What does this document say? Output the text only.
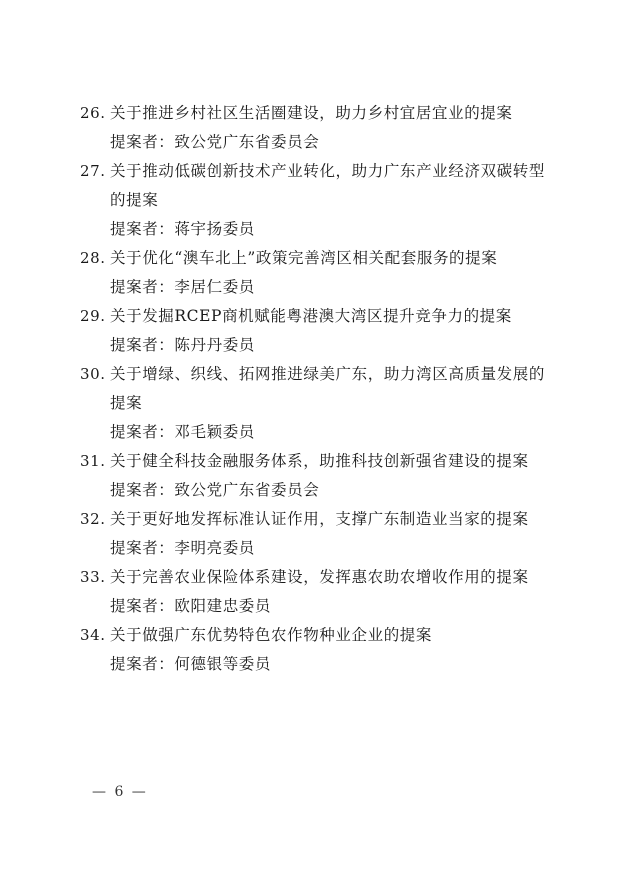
26. 关于推进乡村社区生活圈建设，助力乡村宜居宜业的提案
提案者：致公党广东省委员会
27. 关于推动低碳创新技术产业转化，助力广东产业经济双碳转型的提案
提案者：蒋宇扬委员
28. 关于优化“澳车北上”政策完善湾区相关配套服务的提案
提案者：李居仁委员
29. 关于发掘RCEP商机赋能粤港澳大湾区提升竞争力的提案
提案者：陈丹丹委员
30. 关于增绿、织线、拓网推进绿美广东，助力湾区高质量发展的提案
提案者：邓毛颖委员
31. 关于健全科技金融服务体系，助推科技创新强省建设的提案
提案者：致公党广东省委员会
32. 关于更好地发挥标准认证作用，支撑广东制造业当家的提案
提案者：李明亮委员
33. 关于完善农业保险体系建设，发挥惠农助农增收作用的提案
提案者：欧阳建忠委员
34. 关于做强广东优势特色农作物种业企业的提案
提案者：何德银等委员
— 6 —
